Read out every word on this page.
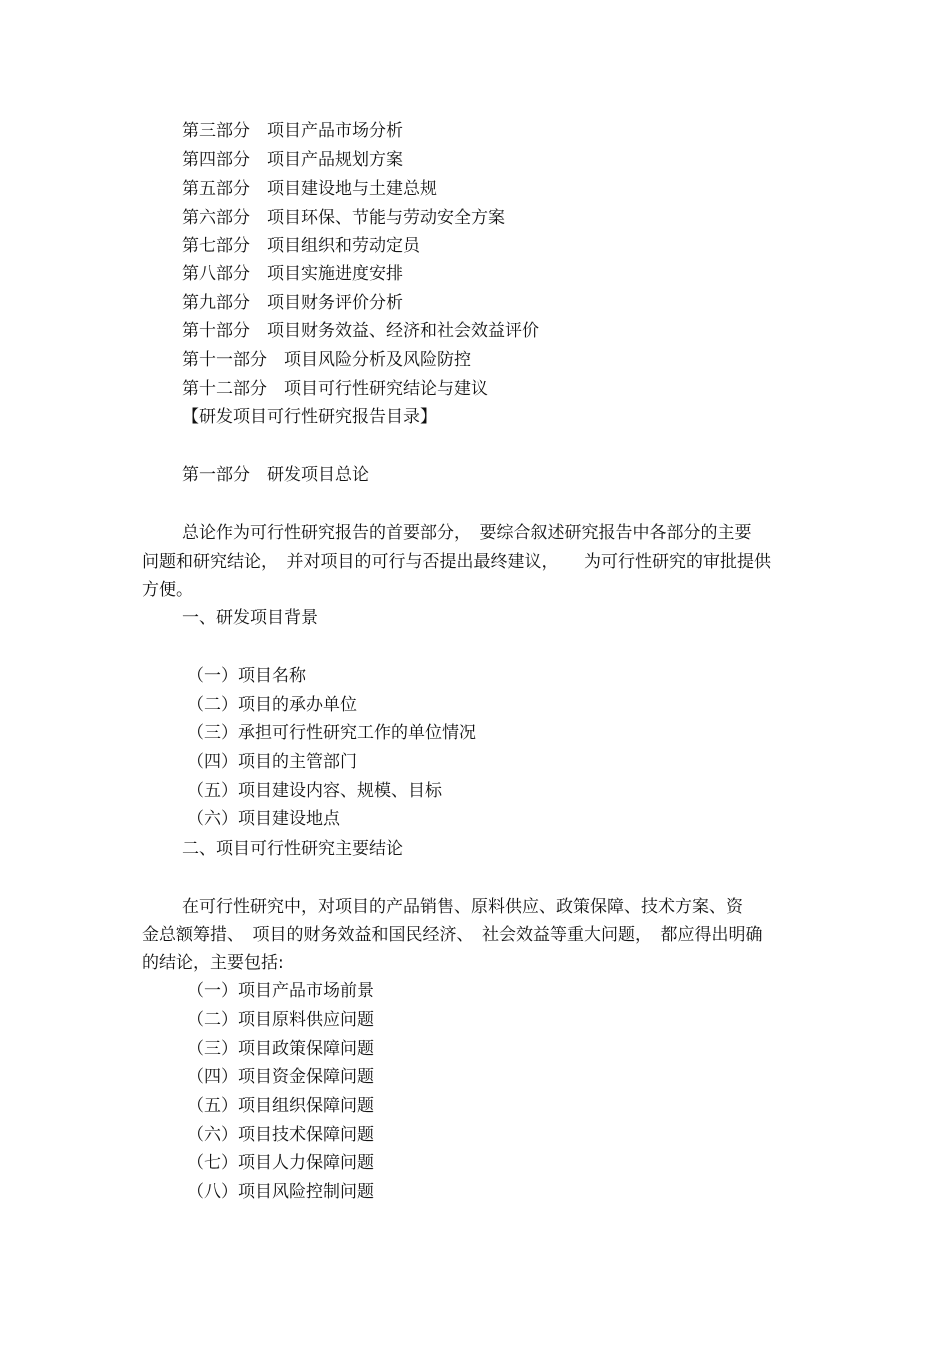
第三部分　项目产品市场分析
第四部分　项目产品规划方案
第五部分　项目建设地与土建总规
第六部分　项目环保、节能与劳动安全方案
第七部分　项目组织和劳动定员
第八部分　项目实施进度安排
第九部分　项目财务评价分析
第十部分　项目财务效益、经济和社会效益评价
第十一部分　项目风险分析及风险防控
第十二部分　项目可行性研究结论与建议
【研发项目可行性研究报告目录】
第一部分　研发项目总论
总论作为可行性研究报告的首要部分，　要综合叙述研究报告中各部分的主要
问题和研究结论，　并对项目的可行与否提出最终建议，　　为可行性研究的审批提供
方便。
一、研发项目背景
（一）项目名称
（二）项目的承办单位
（三）承担可行性研究工作的单位情况
（四）项目的主管部门
（五）项目建设内容、规模、目标
（六）项目建设地点
二、项目可行性研究主要结论
在可行性研究中，对项目的产品销售、原料供应、政策保障、技术方案、资
金总额筹措、　项目的财务效益和国民经济、　社会效益等重大问题，　都应得出明确
的结论，主要包括:
（一）项目产品市场前景
（二）项目原料供应问题
（三）项目政策保障问题
（四）项目资金保障问题
（五）项目组织保障问题
（六）项目技术保障问题
（七）项目人力保障问题
（八）项目风险控制问题
